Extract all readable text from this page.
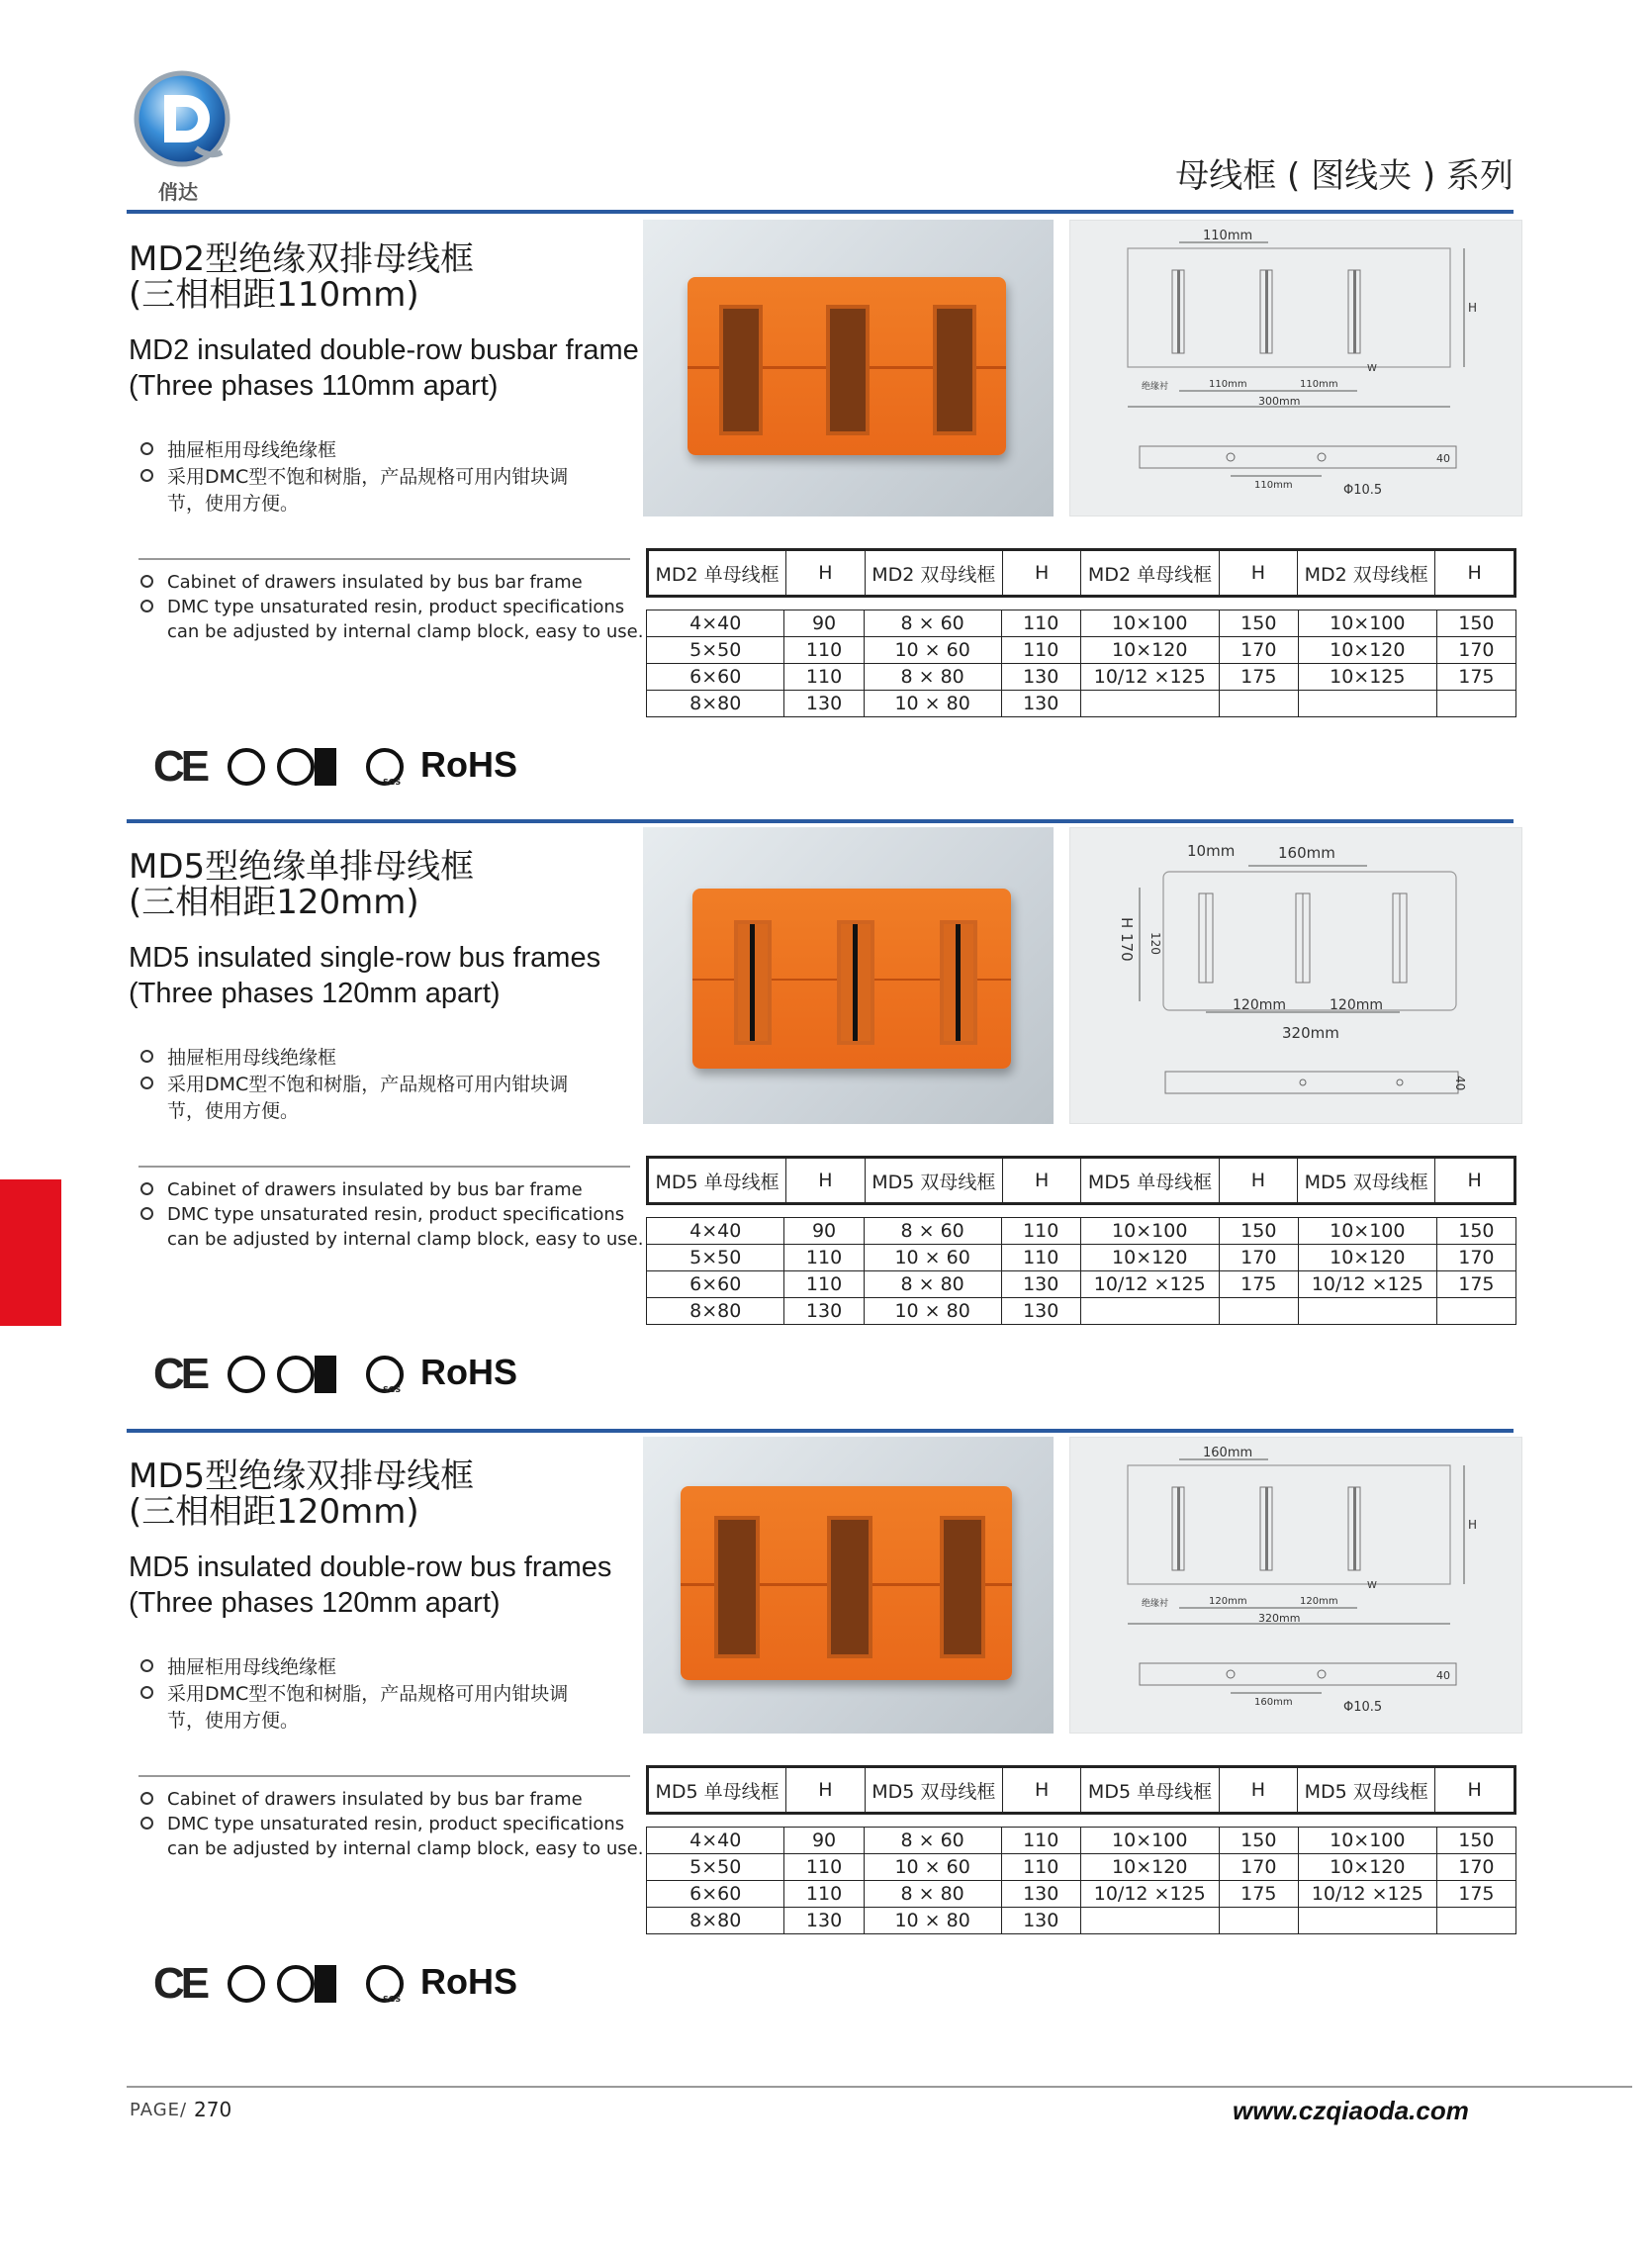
俏达	母线框 ( 图线夹 ) 系列
MD2型绝缘双排母线框
(三相相距110mm)
MD2 insulated double-row busbar frame
(Three phases 110mm apart)
抽屉柜用母线绝缘框
采用DMC型不饱和树脂，产品规格可用内钳块调
节，使用方便。
Cabinet of drawers insulated by bus bar frame
DMC type unsaturated resin, product specifications
can be adjusted by internal clamp block, easy to use.
110mm
H
W
绝缘衬	110mm	110mm
300mm
40
110mm	Φ10.5
MD2 单母线框	H	MD2 双母线框	H	MD2 单母线框	H	MD2 双母线框	H
4×40	90	8 × 60	110	10×100	150	10×100	150
5×50	110	10 × 60	110	10×120	170	10×120	170
6×60	110	8 × 80	130	10/12 ×125	175	10×125	175
8×80	130	10 × 80	130				
CE	SGS RoHS
MD5型绝缘单排母线框
(三相相距120mm)
MD5 insulated single-row bus frames
(Three phases 120mm apart)
抽屉柜用母线绝缘框
采用DMC型不饱和树脂，产品规格可用内钳块调
节，使用方便。
Cabinet of drawers insulated by bus bar frame
DMC type unsaturated resin, product specifications
can be adjusted by internal clamp block, easy to use.
10mm	160mm
H 170 120
120mm	120mm
320mm
40
MD5 单母线框	H	MD5 双母线框	H	MD5 单母线框	H	MD5 双母线框	H
4×40	90	8 × 60	110	10×100	150	10×100	150
5×50	110	10 × 60	110	10×120	170	10×120	170
6×60	110	8 × 80	130	10/12 ×125	175	10/12 ×125	175
8×80	130	10 × 80	130				
CE	SGS RoHS
MD5型绝缘双排母线框
(三相相距120mm)
MD5 insulated double-row bus frames
(Three phases 120mm apart)
抽屉柜用母线绝缘框
采用DMC型不饱和树脂，产品规格可用内钳块调
节，使用方便。
Cabinet of drawers insulated by bus bar frame
DMC type unsaturated resin, product specifications
can be adjusted by internal clamp block, easy to use.
160mm
H
W
绝缘衬	120mm	120mm
320mm
40
160mm	Φ10.5
MD5 单母线框	H	MD5 双母线框	H	MD5 单母线框	H	MD5 双母线框	H
4×40	90	8 × 60	110	10×100	150	10×100	150
5×50	110	10 × 60	110	10×120	170	10×120	170
6×60	110	8 × 80	130	10/12 ×125	175	10/12 ×125	175
8×80	130	10 × 80	130				
CE	SGS RoHS
PAGE/ 270	www.czqiaoda.com
